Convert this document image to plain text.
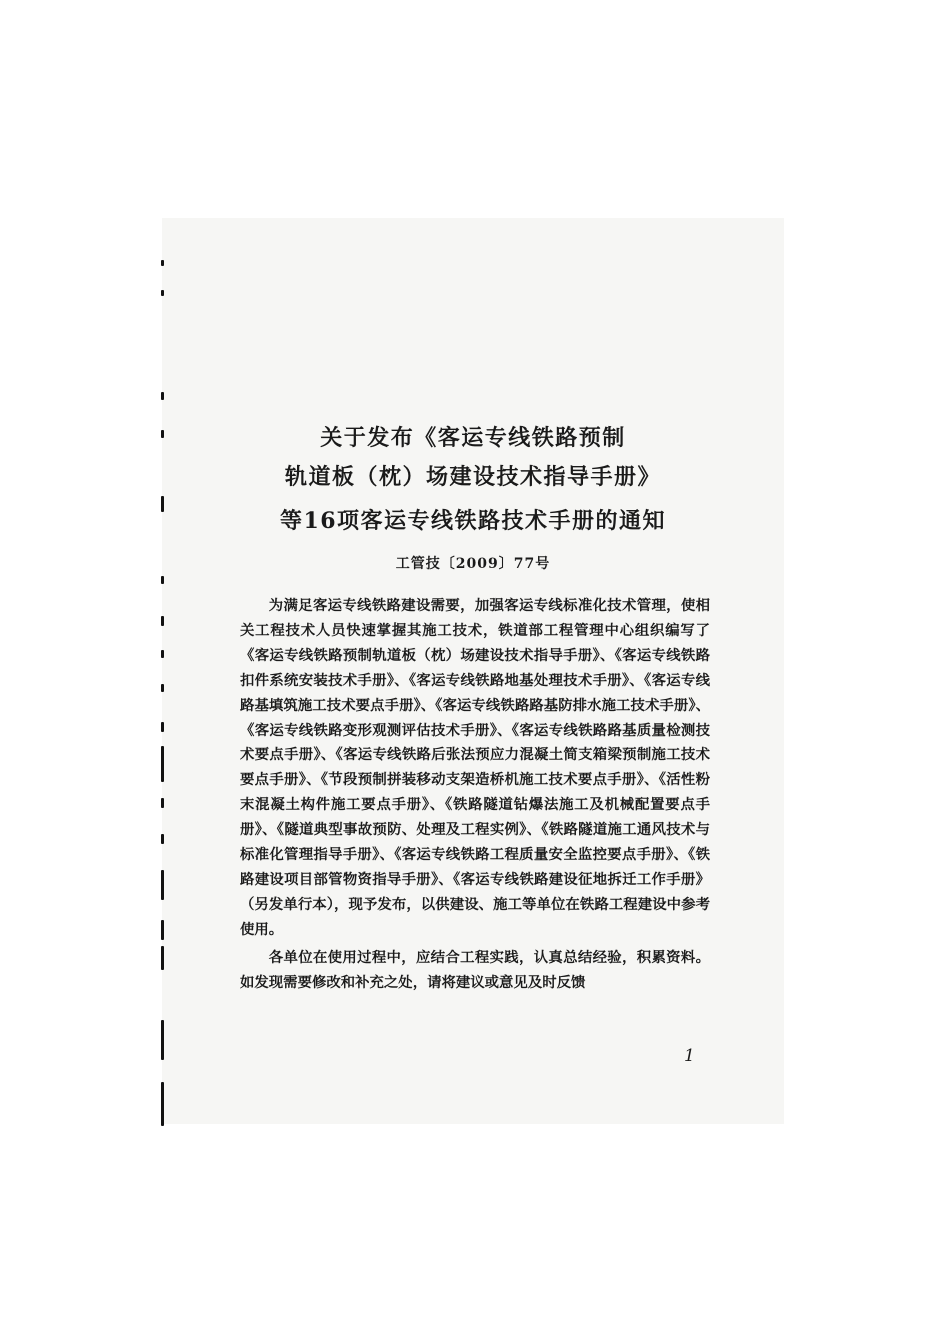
关于发布《客运专线铁路预制
轨道板（枕）场建设技术指导手册》
等16项客运专线铁路技术手册的通知
工管技〔2009〕77号

为满足客运专线铁路建设需要，加强客运专线标准化技术管理，使相关工程技术人员快速掌握其施工技术，铁道部工程管理中心组织编写了《客运专线铁路预制轨道板（枕）场建设技术指导手册》、《客运专线铁路扣件系统安装技术手册》、《客运专线铁路地基处理技术手册》、《客运专线路基填筑施工技术要点手册》、《客运专线铁路路基防排水施工技术手册》、《客运专线铁路变形观测评估技术手册》、《客运专线铁路路基质量检测技术要点手册》、《客运专线铁路后张法预应力混凝土简支箱梁预制施工技术要点手册》、《节段预制拼装移动支架造桥机施工技术要点手册》、《活性粉末混凝土构件施工要点手册》、《铁路隧道钻爆法施工及机械配置要点手册》、《隧道典型事故预防、处理及工程实例》、《铁路隧道施工通风技术与标准化管理指导手册》、《客运专线铁路工程质量安全监控要点手册》、《铁路建设项目部管物资指导手册》、《客运专线铁路建设征地拆迁工作手册》（另发单行本），现予发布，以供建设、施工等单位在铁路工程建设中参考使用。

各单位在使用过程中，应结合工程实践，认真总结经验，积累资料。如发现需要修改和补充之处，请将建议或意见及时反馈

1
